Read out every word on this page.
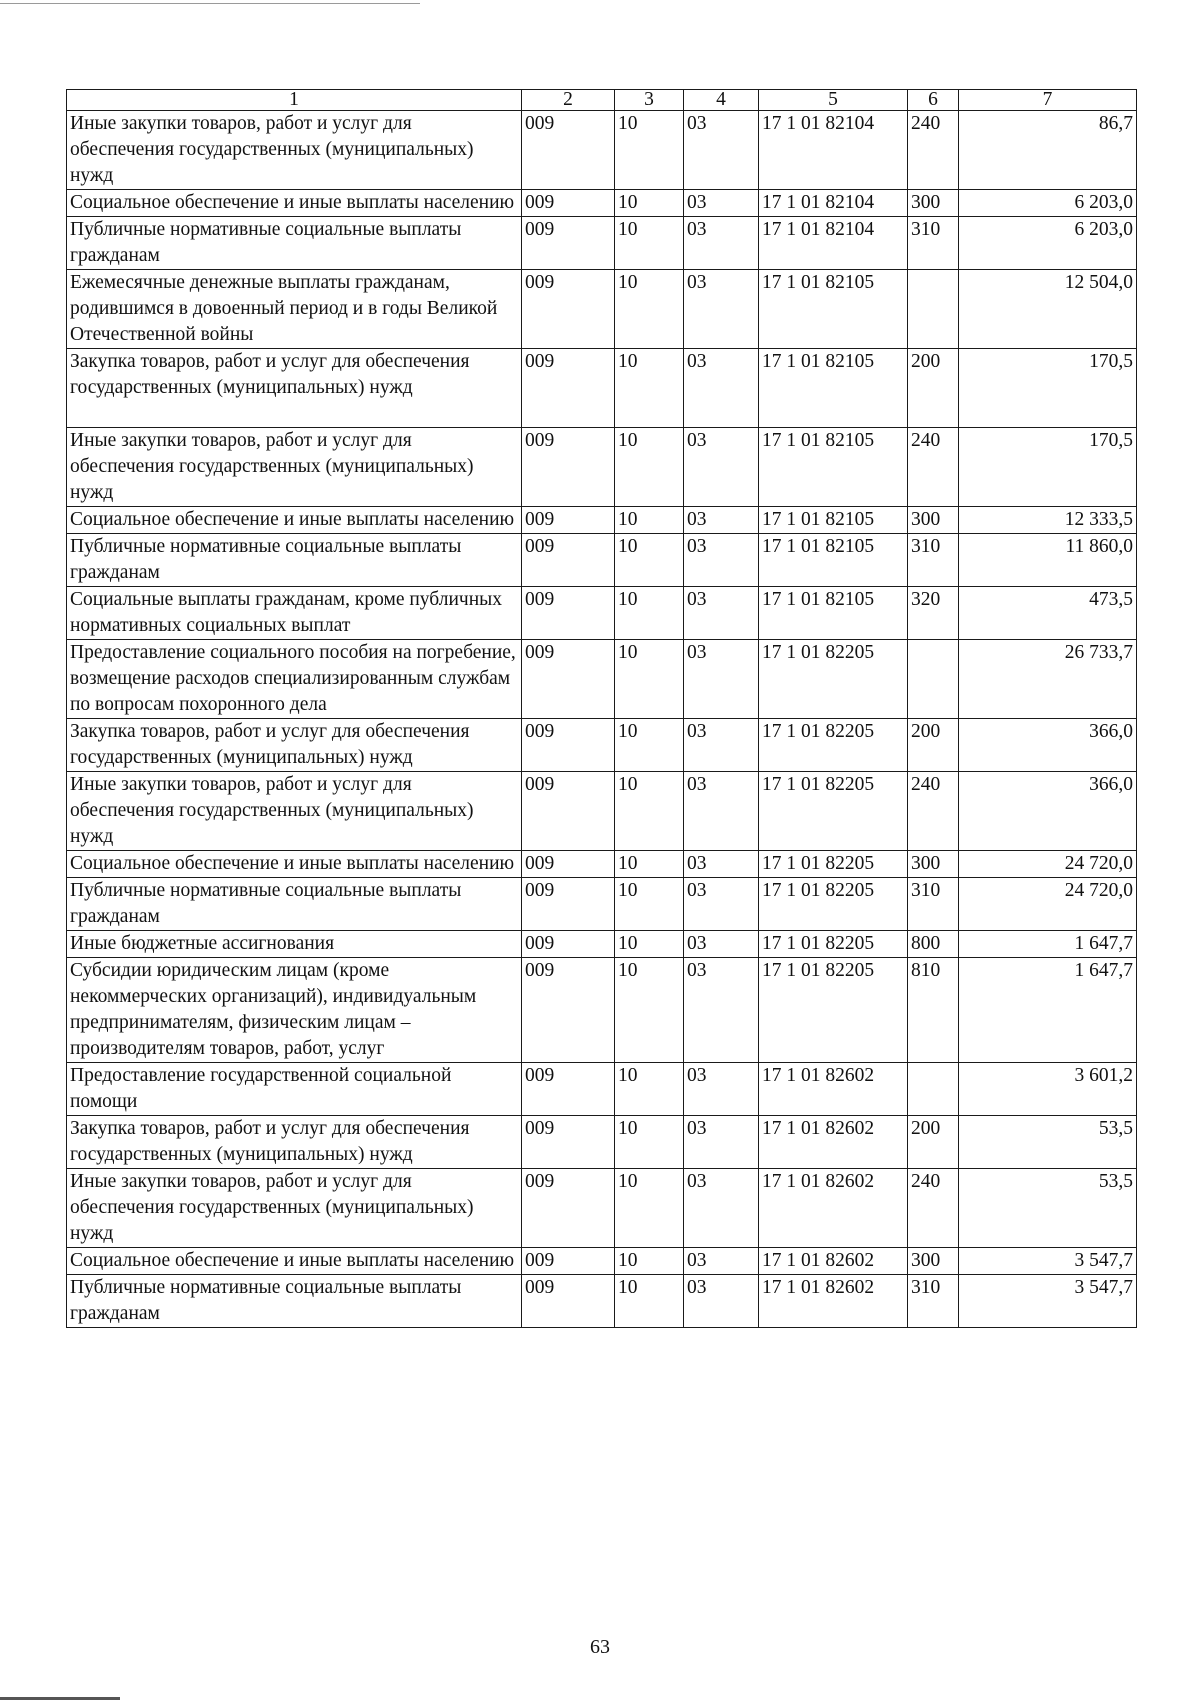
1	2	3	4	5	6	7
Иные закупки товаров, работ и услуг для обеспечения государственных (муниципальных) нужд	009	10	03	17 1 01 82104	240	86,7
Социальное обеспечение и иные выплаты населению	009	10	03	17 1 01 82104	300	6 203,0
Публичные нормативные социальные выплаты гражданам	009	10	03	17 1 01 82104	310	6 203,0
Ежемесячные денежные выплаты гражданам, родившимся в довоенный период и в годы Великой Отечественной войны	009	10	03	17 1 01 82105		12 504,0
Закупка товаров, работ и услуг для обеспечения государственных (муниципальных) нужд	009	10	03	17 1 01 82105	200	170,5
Иные закупки товаров, работ и услуг для обеспечения государственных (муниципальных) нужд	009	10	03	17 1 01 82105	240	170,5
Социальное обеспечение и иные выплаты населению	009	10	03	17 1 01 82105	300	12 333,5
Публичные нормативные социальные выплаты гражданам	009	10	03	17 1 01 82105	310	11 860,0
Социальные выплаты гражданам, кроме публичных нормативных социальных выплат	009	10	03	17 1 01 82105	320	473,5
Предоставление социального пособия на погребение, возмещение расходов специализированным службам по вопросам похоронного дела	009	10	03	17 1 01 82205		26 733,7
Закупка товаров, работ и услуг для обеспечения государственных (муниципальных) нужд	009	10	03	17 1 01 82205	200	366,0
Иные закупки товаров, работ и услуг для обеспечения государственных (муниципальных) нужд	009	10	03	17 1 01 82205	240	366,0
Социальное обеспечение и иные выплаты населению	009	10	03	17 1 01 82205	300	24 720,0
Публичные нормативные социальные выплаты гражданам	009	10	03	17 1 01 82205	310	24 720,0
Иные бюджетные ассигнования	009	10	03	17 1 01 82205	800	1 647,7
Субсидии юридическим лицам (кроме некоммерческих организаций), индивидуальным предпринимателям, физическим лицам – производителям товаров, работ, услуг	009	10	03	17 1 01 82205	810	1 647,7
Предоставление государственной социальной помощи	009	10	03	17 1 01 82602		3 601,2
Закупка товаров, работ и услуг для обеспечения государственных (муниципальных) нужд	009	10	03	17 1 01 82602	200	53,5
Иные закупки товаров, работ и услуг для обеспечения государственных (муниципальных) нужд	009	10	03	17 1 01 82602	240	53,5
Социальное обеспечение и иные выплаты населению	009	10	03	17 1 01 82602	300	3 547,7
Публичные нормативные социальные выплаты гражданам	009	10	03	17 1 01 82602	310	3 547,7
63
